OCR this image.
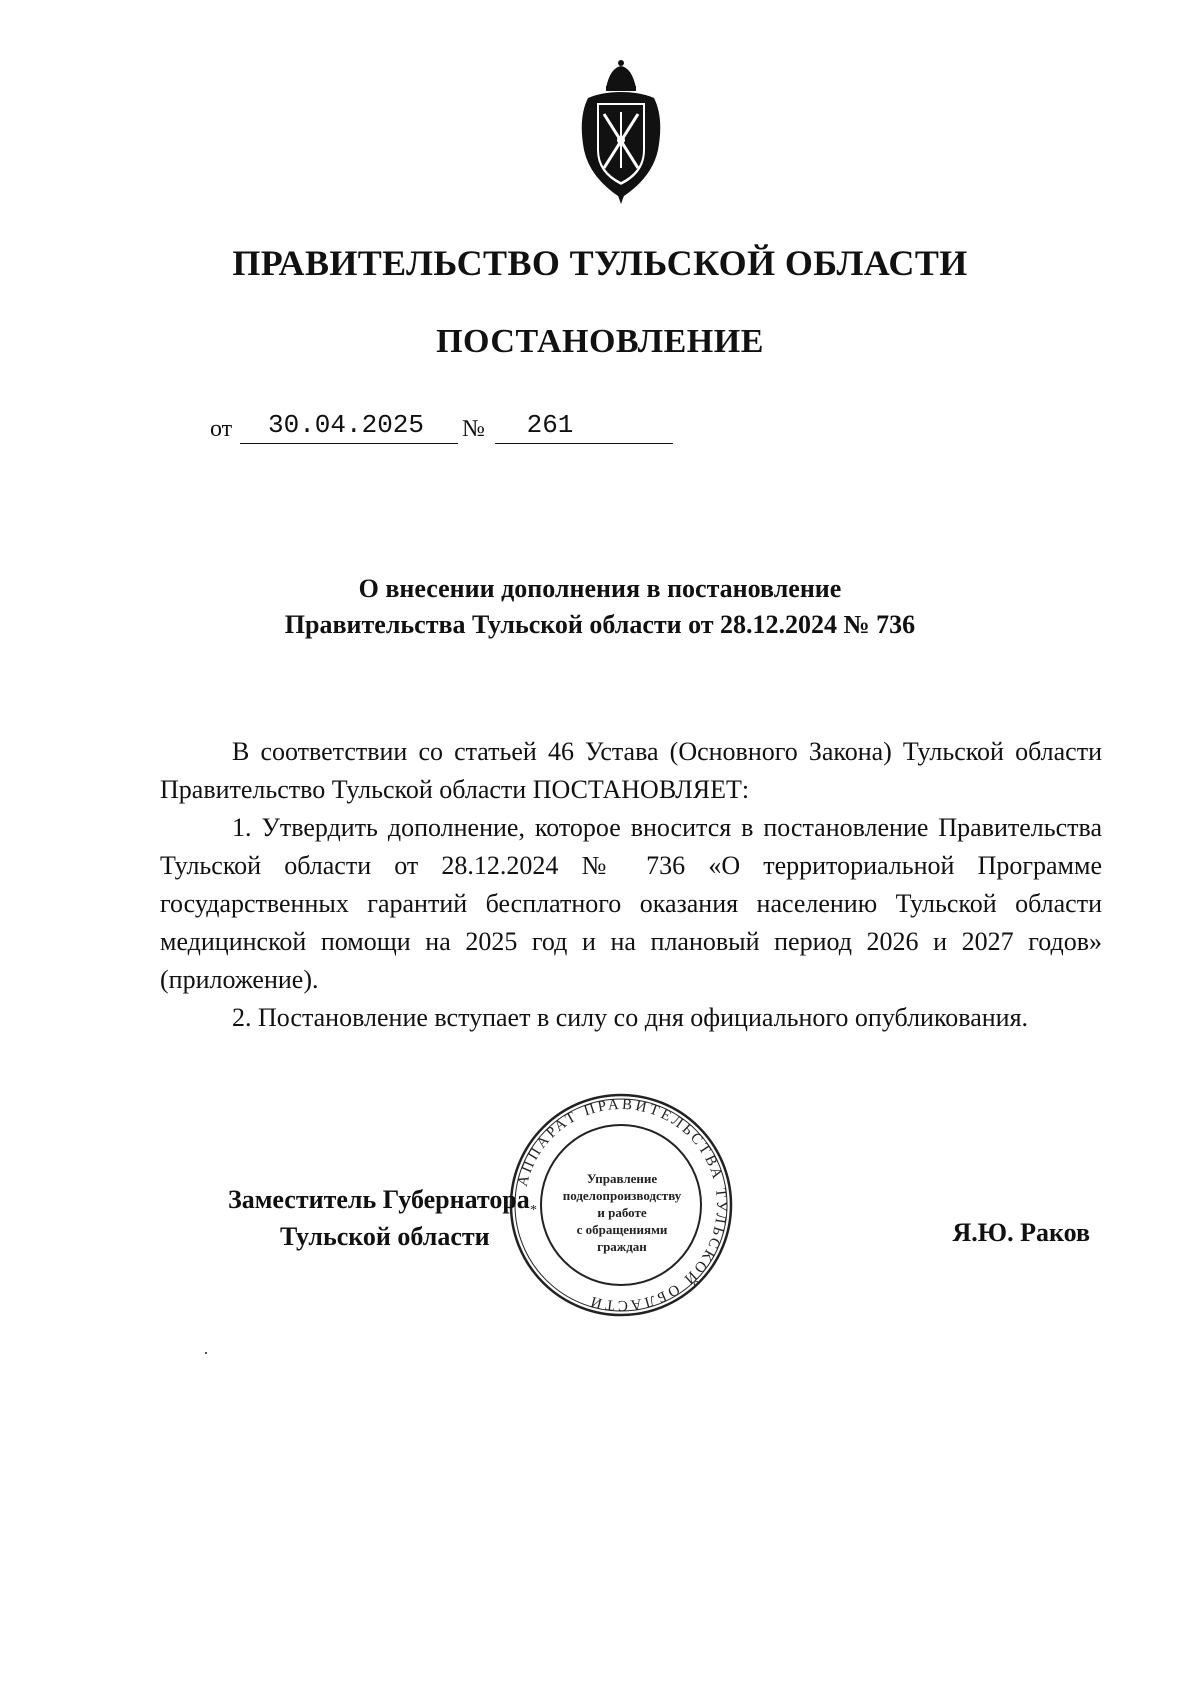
ПРАВИТЕЛЬСТВО ТУЛЬСКОЙ ОБЛАСТИ
ПОСТАНОВЛЕНИЕ
от	30.04.2025	№	261
О внесении дополнения в постановление
Правительства Тульской области от 28.12.2024 № 736

В соответствии со статьей 46 Устава (Основного Закона) Тульской области Правительство Тульской области ПОСТАНОВЛЯЕТ:

1. Утвердить дополнение, которое вносится в постановление Правительства Тульской области от 28.12.2024 № 736 «О территориальной Программе государственных гарантий бесплатного оказания населению Тульской области медицинской помощи на 2025 год и на плановый период 2026 и 2027 годов» (приложение).

2. Постановление вступает в силу со дня официального опубликования.

АППАРАТ ПРАВИТЕЛЬСТВА ТУЛЬСКОЙ ОБЛАСТИ
*
Управление
поделопроизводству
и работе
с обращениями
граждан
Заместитель Губернатора
Тульской области	Я.Ю. Раков
